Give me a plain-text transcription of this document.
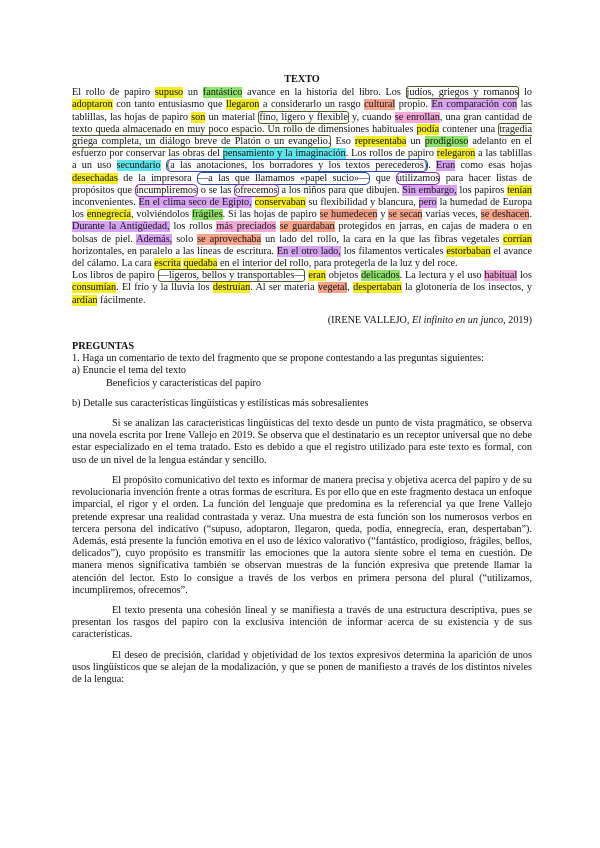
TEXTO

El rollo de papiro supuso un fantástico avance en la historia del libro. Los judíos, griegos y romanos lo adoptaron con tanto entusiasmo que llegaron a considerarlo un rasgo cultural propio. En comparación con las tablillas, las hojas de papiro son un material fino, ligero y flexible y, cuando se enrollan, una gran cantidad de texto queda almacenado en muy poco espacio. Un rollo de dimensiones habituales podía contener una tragedia griega completa, un diálogo breve de Platón o un evangelio. Eso representaba un prodigioso adelanto en el esfuerzo por conservar las obras del pensamiento y la imaginación. Los rollos de papiro relegaron a las tablillas a un uso secundario (a las anotaciones, los borradores y los textos perecederos). Eran como esas hojas desechadas de la impresora —a las que llamamos «papel sucio»— que utilizamos para hacer listas de propósitos que incumpliremos o se las ofrecemos a los niños para que dibujen. Sin embargo, los papiros tenían inconvenientes. En el clima seco de Egipto, conservaban su flexibilidad y blancura, pero la humedad de Europa los ennegrecía, volviéndolos frágiles. Si las hojas de papiro se humedecen y se secan varias veces, se deshacen. Durante la Antigüedad, los rollos más preciados se guardaban protegidos en jarras, en cajas de madera o en bolsas de piel. Además, solo se aprovechaba un lado del rollo, la cara en la que las fibras vegetales corrían horizontales, en paralelo a las líneas de escritura. En el otro lado, los filamentos verticales estorbaban el avance del cálamo. La cara escrita quedaba en el interior del rollo, para protegerla de la luz y del roce.
Los libros de papiro —ligeros, bellos y transportables— eran objetos delicados. La lectura y el uso habitual los consumían. El frío y la lluvia los destruían. Al ser materia vegetal, despertaban la glotonería de los insectos, y ardían fácilmente.

(IRENE VALLEJO, El infinito en un junco, 2019)

PREGUNTAS

1. Haga un comentario de texto del fragmento que se propone contestando a las preguntas siguientes:

a) Enuncie el tema del texto

Beneficios y características del papiro

b) Detalle sus características lingüísticas y estilísticas más sobresalientes

Si se analizan las características lingüísticas del texto desde un punto de vista pragmático, se observa una novela escrita por Irene Vallejo en 2019. Se observa que el destinatario es un receptor universal que no debe estar especializado en el tema tratado. Esto es debido a que el registro utilizado para este texto es formal, con uso de un nivel de la lengua estándar y sencillo.

El propósito comunicativo del texto es informar de manera precisa y objetiva acerca del papiro y de su revolucionaria invención frente a otras formas de escritura. Es por ello que en este fragmento destaca un enfoque imparcial, el rigor y el orden. La función del lenguaje que predomina es la referencial ya que Irene Vallejo pretende expresar una realidad contrastada y veraz. Una muestra de esta función son los numerosos verbos en tercera persona del indicativo (“supuso, adoptaron, llegaron, queda, podía, ennegrecía, eran, despertaban”). Además, está presente la función emotiva en el uso de léxico valorativo (“fantástico, prodigioso, frágiles, bellos, delicados”), cuyo propósito es transmitir las emociones que la autora siente sobre el tema en cuestión. De manera menos significativa también se observan muestras de la función expresiva que pretende llamar la atención del lector. Esto lo consigue a través de los verbos en primera persona del plural (“utilizamos, incumpliremos, ofrecemos”.

El texto presenta una cohesión lineal y se manifiesta a través de una estructura descriptiva, pues se presentan los rasgos del papiro con la exclusiva intención de informar acerca de su existencia y de sus características.

El deseo de precisión, claridad y objetividad de los textos expresivos determina la aparición de unos usos lingüísticos que se alejan de la modalización, y que se ponen de manifiesto a través de los distintos niveles de la lengua:
